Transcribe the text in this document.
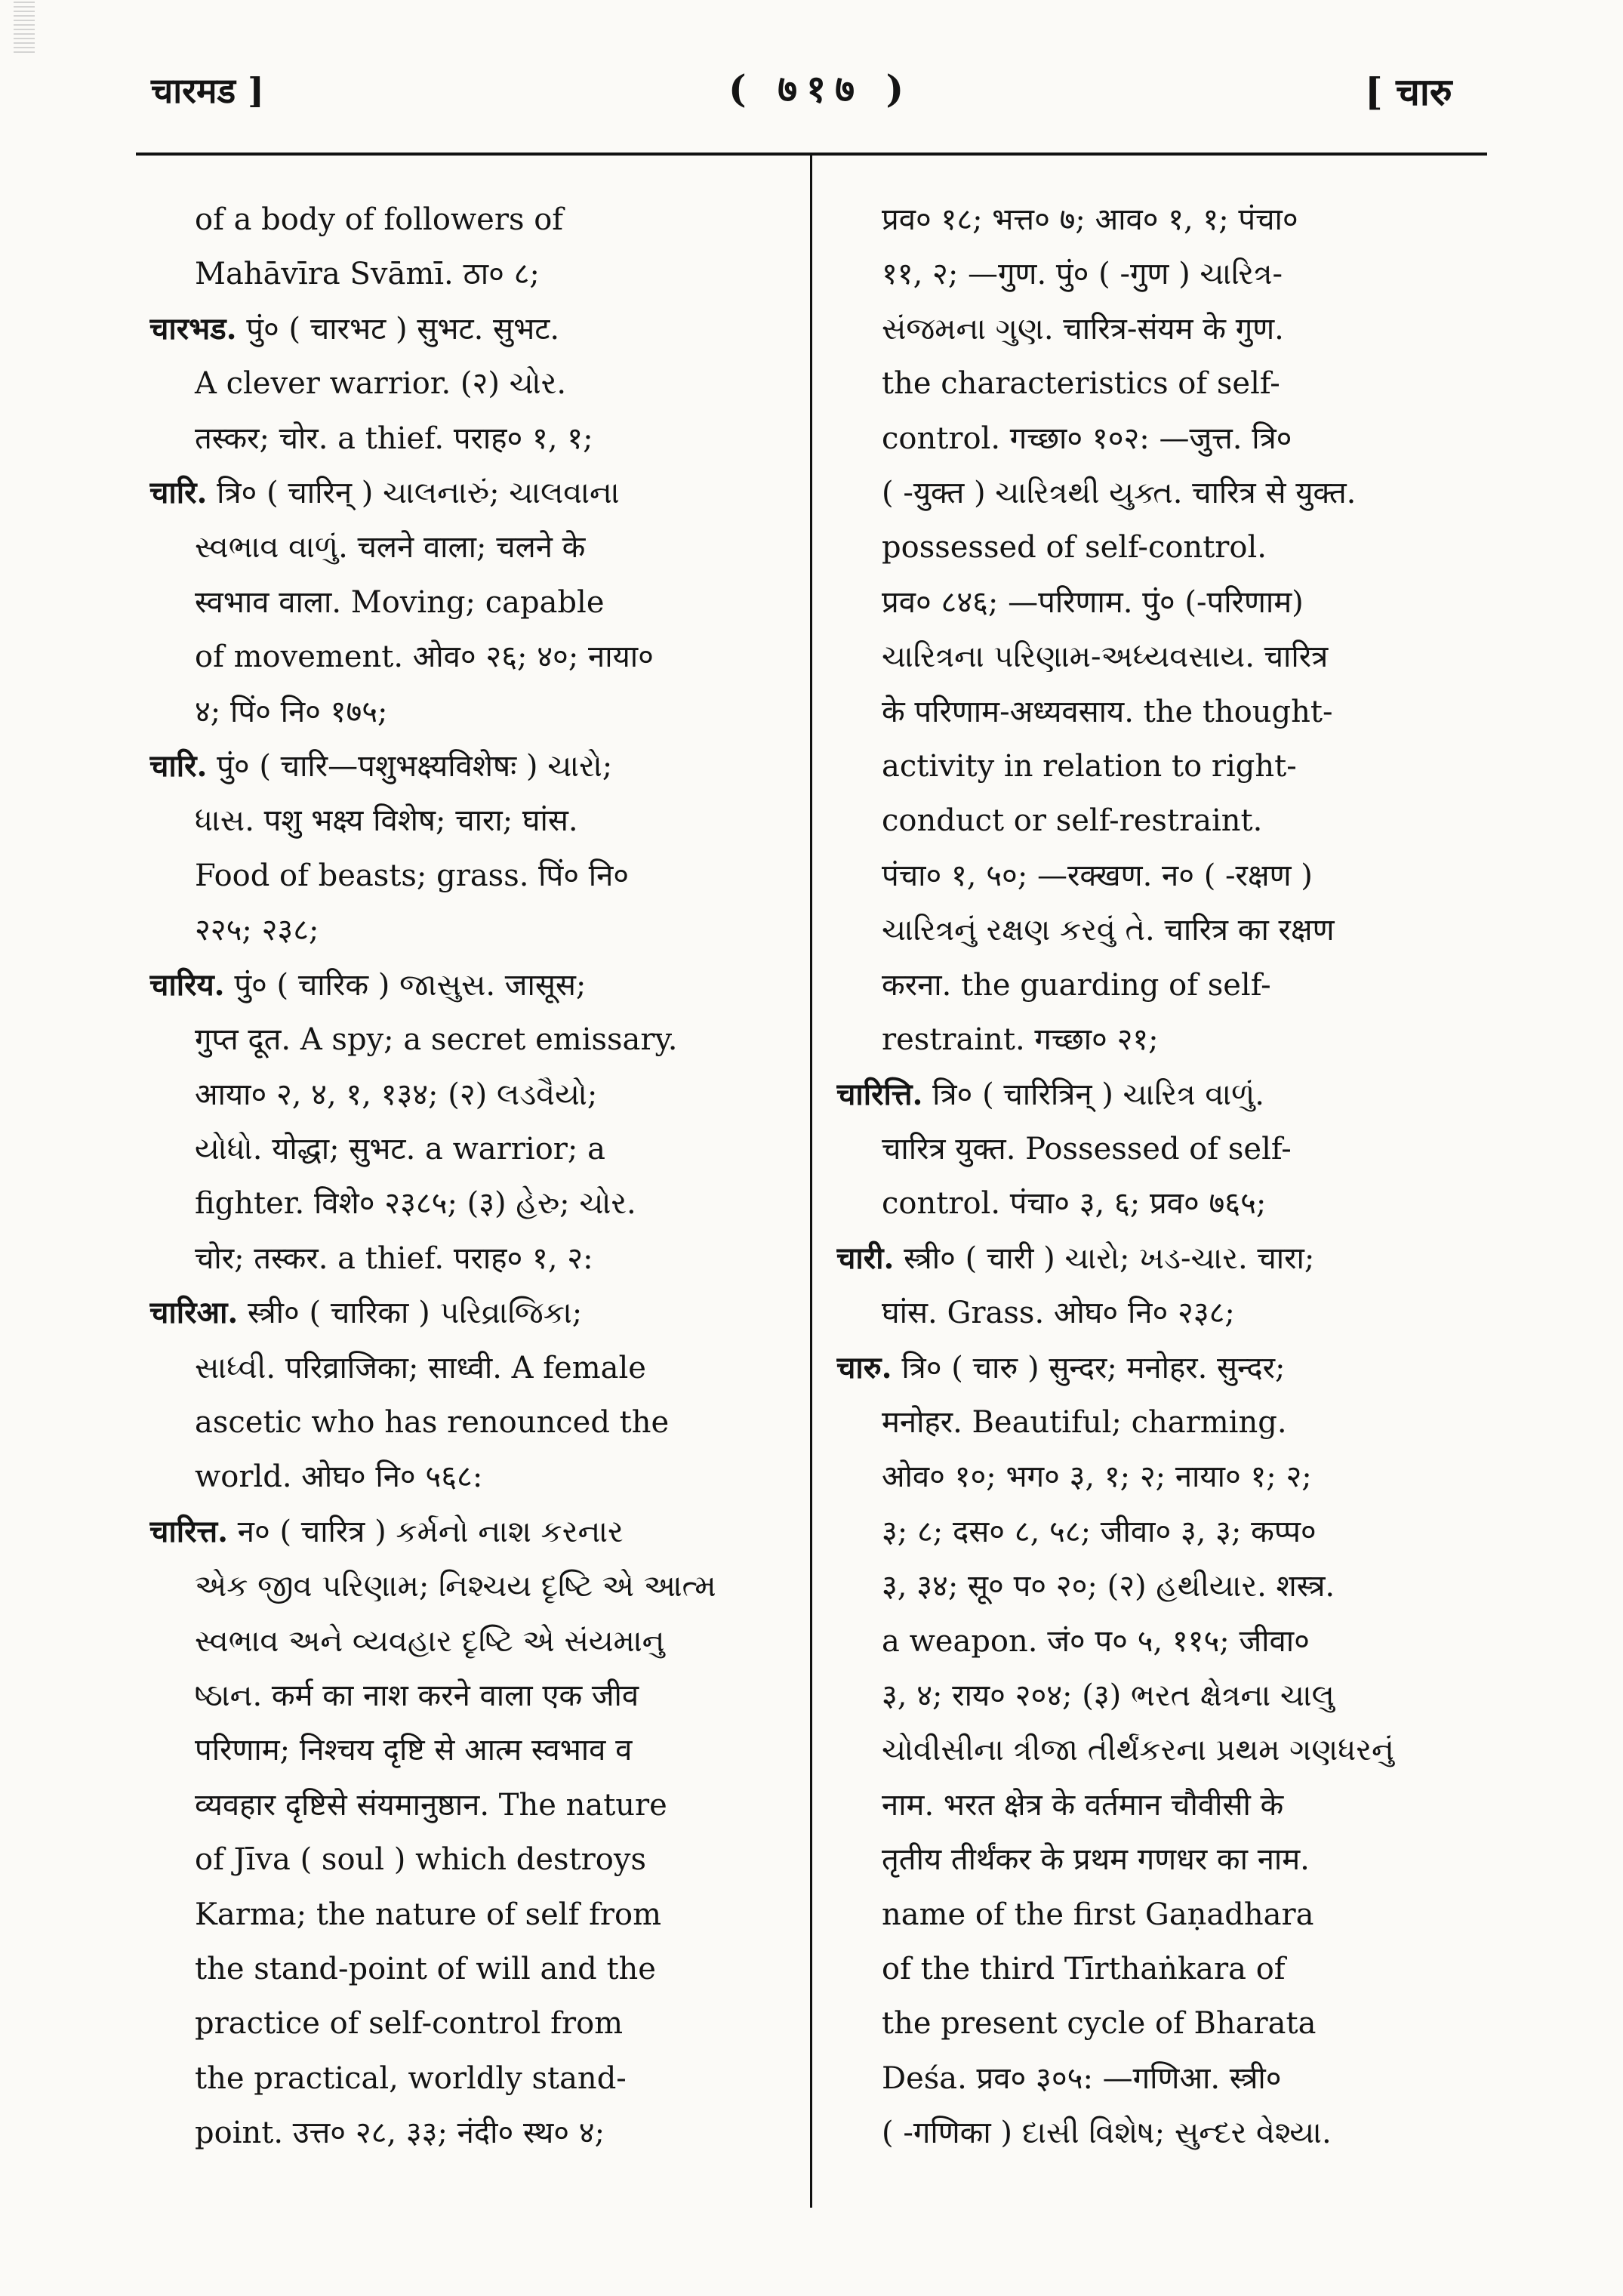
चारमड ]	( ७१७ )	[ चारु
of a body of followers of
Mahāvīra Svāmī. ठा० ८;
चारभड. पुं० ( चारभट ) सुभट. सुभट.
A clever warrior. (२) ચોર.
तस्कर; चोर. a thief. पराह० १, १;
चारि. त्रि० ( चारिन् ) ચાલનારું; ચાલવાના
સ્વભાવ વાળું. चलने वाला; चलने के
स्वभाव वाला. Moving; capable
of movement. ओव० २६; ४०; नाया०
४; पिं० नि० १७५;
चारि. पुं० ( चारि—पशुभक्ष्यविशेषः ) ચારો;
ધાસ. पशु भक्ष्य विशेष; चारा; घांस.
Food of beasts; grass. पिं० नि०
२२५; २३८;
चारिय. पुं० ( चारिक ) જાસુસ. जासूस;
गुप्त दूत. A spy; a secret emissary.
आया० २, ४, १, १३४; (२) લડવૈયો;
યોધો. योद्धा; सुभट. a warrior; a
fighter. विशे० २३८५; (३) હેરુ; ચોર.
चोर; तस्कर. a thief. पराह० १, २:
चारिआ. स्त्री० ( चारिका ) પરિવ્રાજિકા;
સાધ્વી. परिव्राजिका; साध्वी. A female
ascetic who has renounced the
world. ओघ० नि० ५६८:
चारित्त. न० ( चारित्र ) કર્મનો નાશ કરનાર
એક જીવ પરિણામ; નિશ્ચય દૃષ્ટિ એ આત્મ
સ્વભાવ અને વ્યવહાર દૃષ્ટિ એ સંયમાનુ
ષ્ઠાન. कर्म का नाश करने वाला एक जीव
परिणाम; निश्चय दृष्टि से आत्म स्वभाव व
व्यवहार दृष्टिसे संयमानुष्ठान. The nature
of Jīva ( soul ) which destroys
Karma; the nature of self from
the stand-point of will and the
practice of self-control from
the practical, worldly stand-
point. उत्त० २८, ३३; नंदी० स्थ० ४;
प्रव० १८; भत्त० ७; आव० १, १; पंचा०
११, २; —गुण. पुं० ( -गुण ) ચારિત્ર-
સંજમના ગુણ. चारित्र-संयम के गुण.
the characteristics of self-
control. गच्छा० १०२: —जुत्त. त्रि०
( -युक्त ) ચારિત્રથી યુક્ત. चारित्र से युक्त.
possessed of self-control.
प्रव० ८४६; —परिणाम. पुं० (-परिणाम)
ચારિત્રના પરિણામ-અધ્યવસાય. चारित्र
के परिणाम-अध्यवसाय. the thought-
activity in relation to right-
conduct or self-restraint.
पंचा० १, ५०; —रक्खण. न० ( -रक्षण )
ચારિત્રનું રક્ષણ કરવું તે. चारित्र का रक्षण
करना. the guarding of self-
restraint. गच्छा० २१;
चारित्ति. त्रि० ( चारित्रिन् ) ચારિત્ર વાળું.
चारित्र युक्त. Possessed of self-
control. पंचा० ३, ६; प्रव० ७६५;
चारी. स्त्री० ( चारी ) ચારો; ખડ-ચાર. चारा;
घांस. Grass. ओघ० नि० २३८;
चारु. त्रि० ( चारु ) सुन्दर; मनोहर. सुन्दर;
मनोहर. Beautiful; charming.
ओव० १०; भग० ३, १; २; नाया० १; २;
३; ८; दस० ८, ५८; जीवा० ३, ३; कप्प०
३, ३४; सू० प० २०; (२) હથીયાર. शस्त्र.
a weapon. जं० प० ५, ११५; जीवा०
३, ४; राय० २०४; (३) ભરત ક્ષેત્રના ચાલુ
ચોવીસીના ત્રીજા તીર્થંકરના પ્રથમ ગણધરનું
नाम. भरत क्षेत्र के वर्तमान चौवीसी के
तृतीय तीर्थंकर के प्रथम गणधर का नाम.
name of the first Gaṇadhara
of the third Tīrthaṅkara of
the present cycle of Bharata
Deśa. प्रव० ३०५: —गणिआ. स्त्री०
( -गणिका ) દાસી વિશેષ; સુન્દર વેશ્યા.
